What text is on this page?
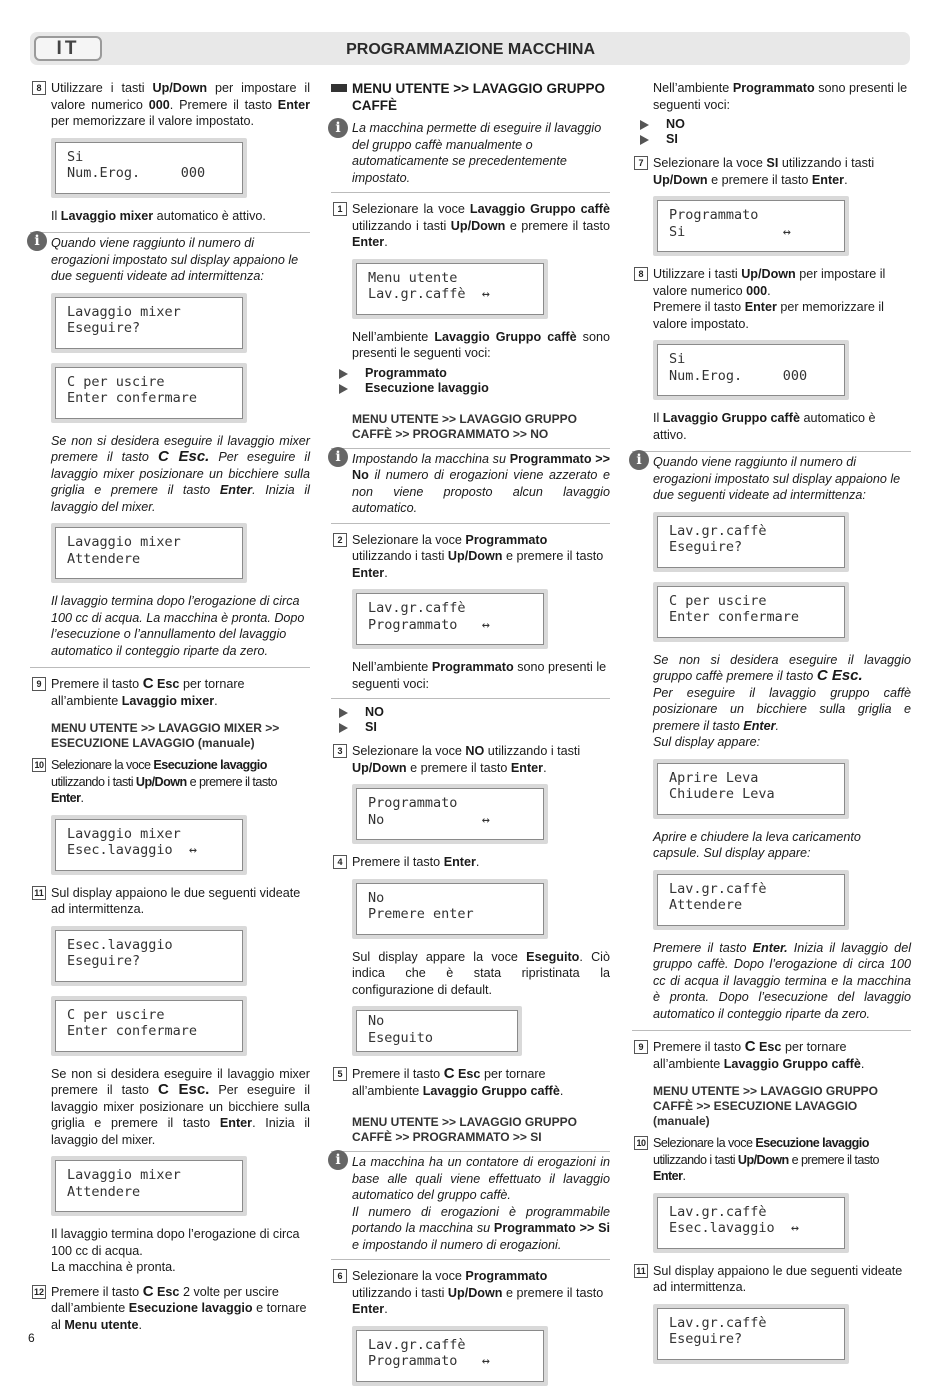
IT	PROGRAMMAZIONE MACCHINA
8 Utilizzare i tasti Up/Down per impostare il valore numerico 000. Premere il tasto Enter per memorizzare il valore impostato.
Si
Num.Erog.     000

Il Lavaggio mixer automatico è attivo.

i Quando viene raggiunto il numero di erogazioni impostato sul display appaiono le due seguenti videate ad intermittenza:
Lavaggio mixer
Eseguire?
C per uscire
Enter confermare

Se non si desidera eseguire il lavaggio mixer premere il tasto C Esc. Per eseguire il lavaggio mixer posizionare un bicchiere sulla griglia e premere il tasto Enter. Inizia il lavaggio del mixer.

Lavaggio mixer
Attendere

Il lavaggio termina dopo l’erogazione di circa 100 cc di acqua. La macchina è pronta. Dopo l’esecuzione o l’annullamento del lavaggio automatico il conteggio riparte da zero.

9 Premere il tasto C Esc per tornare all’ambiente Lavaggio mixer.
MENU UTENTE >> LAVAGGIO MIXER >> ESECUZIONE LAVAGGIO (manuale)
10 Selezionare la voce Esecuzione lavaggio utilizzando i tasti Up/Down e premere il tasto Enter.
Lavaggio mixer
Esec.lavaggio  ↔
11 Sul display appaiono le due seguenti videate ad intermittenza.
Esec.lavaggio
Eseguire?
C per uscire
Enter confermare

Se non si desidera eseguire il lavaggio mixer premere il tasto C Esc. Per eseguire il lavaggio mixer posizionare un bicchiere sulla griglia e premere il tasto Enter. Inizia il lavaggio del mixer.

Lavaggio mixer
Attendere

Il lavaggio termina dopo l’erogazione di circa 100 cc di acqua.
La macchina è pronta.

12 Premere il tasto C Esc 2 volte per uscire dall’ambiente Esecuzione lavaggio e tornare al Menu utente.
MENU UTENTE >> LAVAGGIO GRUPPO CAFFÈ
i La macchina permette di eseguire il lavaggio del gruppo caffè manualmente o automaticamente se precedentemente impostato.
1 Selezionare la voce Lavaggio Gruppo caffè utilizzando i tasti Up/Down e premere il tasto Enter.
Menu utente
Lav.gr.caffè  ↔

Nell’ambiente Lavaggio Gruppo caffè sono presenti le seguenti voci:

Programmato
Esecuzione lavaggio
MENU UTENTE >> LAVAGGIO GRUPPO CAFFÈ >> PROGRAMMATO >> NO
i Impostando la macchina su Programmato >> No il numero di erogazioni viene azzerato e non viene proposto alcun lavaggio automatico.
2 Selezionare la voce Programmato utilizzando i tasti Up/Down e premere il tasto Enter.
Lav.gr.caffè
Programmato   ↔

Nell’ambiente Programmato sono presenti le seguenti voci:

NO
SI
3 Selezionare la voce NO utilizzando i tasti Up/Down e premere il tasto Enter.
Programmato
No            ↔
4 Premere il tasto Enter.
No
Premere enter

Sul display appare la voce Eseguito. Ciò indica che è stata ripristinata la configurazione di default.

No
Eseguito
5 Premere il tasto C Esc per tornare all’ambiente Lavaggio Gruppo caffè.
MENU UTENTE >> LAVAGGIO GRUPPO CAFFÈ >> PROGRAMMATO >> SI
i La macchina ha un contatore di erogazioni in base alle quali viene effettuato il lavaggio automatico del gruppo caffè.
Il numero di erogazioni è programmabile portando la macchina su Programmato >> Si e impostando il numero di erogazioni.
6 Selezionare la voce Programmato utilizzando i tasti Up/Down e premere il tasto Enter.
Lav.gr.caffè
Programmato   ↔

Nell’ambiente Programmato sono presenti le seguenti voci:

NO
SI
7 Selezionare la voce SI utilizzando i tasti Up/Down e premere il tasto Enter.
Programmato
Si            ↔
8 Utilizzare i tasti Up/Down per impostare il valore numerico 000.
Premere il tasto Enter per memorizzare il valore impostato.
Si
Num.Erog.     000

Il Lavaggio Gruppo caffè automatico è attivo.

i Quando viene raggiunto il numero di erogazioni impostato sul display appaiono le due seguenti videate ad intermittenza:
Lav.gr.caffè
Eseguire?
C per uscire
Enter confermare

Se non si desidera eseguire il lavaggio gruppo caffè premere il tasto C Esc.
Per eseguire il lavaggio gruppo caffè posizionare un bicchiere sulla griglia e premere il tasto Enter.
Sul display appare:

Aprire Leva
Chiudere Leva

Aprire e chiudere la leva caricamento capsule. Sul display appare:

Lav.gr.caffè
Attendere

Premere il tasto Enter. Inizia il lavaggio del gruppo caffè. Dopo l’erogazione di circa 100 cc di acqua il lavaggio termina e la macchina è pronta. Dopo l’esecuzione del lavaggio automatico il conteggio riparte da zero.

9 Premere il tasto C Esc per tornare all’ambiente Lavaggio Gruppo caffè.
MENU UTENTE >> LAVAGGIO GRUPPO CAFFÈ >> ESECUZIONE LAVAGGIO
(manuale)
10 Selezionare la voce Esecuzione lavaggio utilizzando i tasti Up/Down e premere il tasto Enter.
Lav.gr.caffè
Esec.lavaggio  ↔
11 Sul display appaiono le due seguenti videate ad intermittenza.
Lav.gr.caffè
Eseguire?
6
